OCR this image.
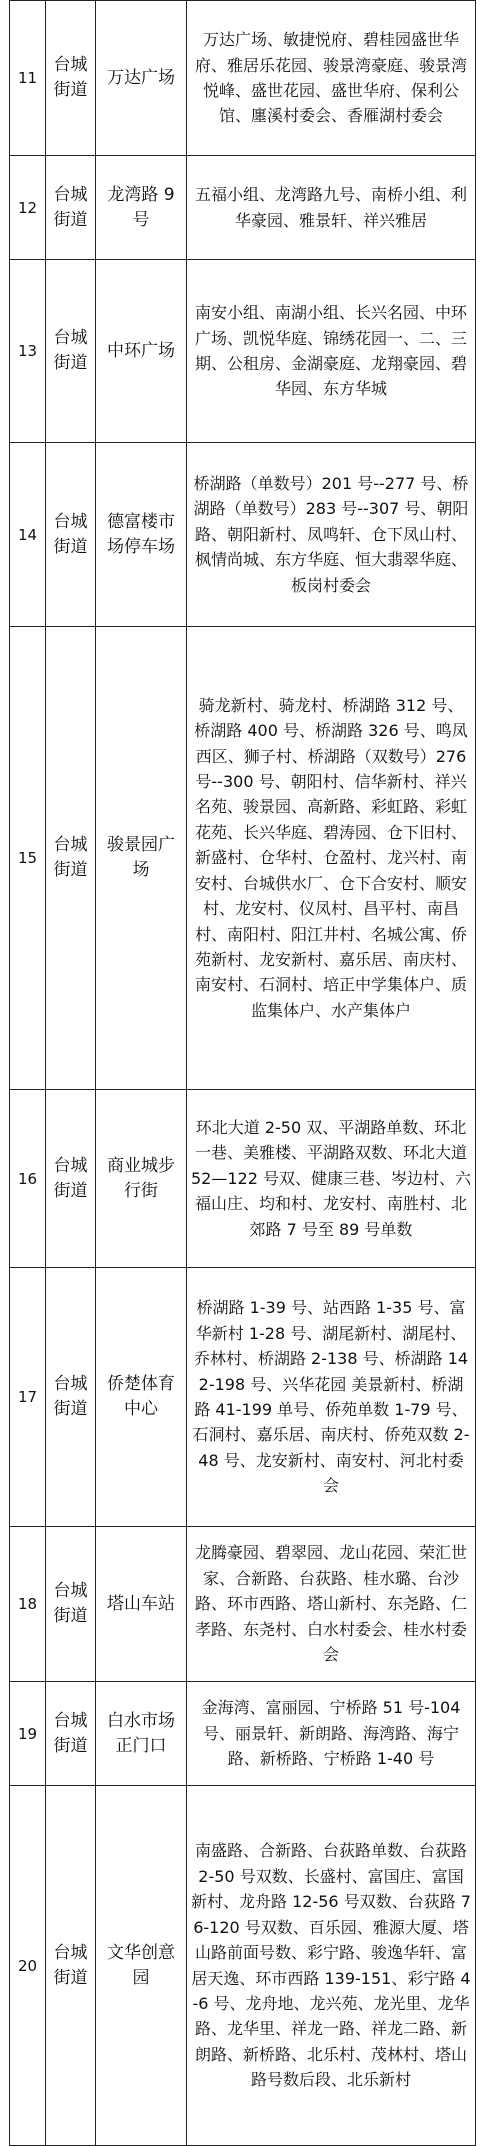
11	台城街道	万达广场	万达广场、敏捷悦府、碧桂园盛世华府、雅居乐花园、骏景湾豪庭、骏景湾悦峰、盛世花园、盛世华府、保利公馆、廛溪村委会、香雁湖村委会
12	台城街道	龙湾路 9 号	五福小组、龙湾路九号、南桥小组、利华豪园、雅景轩、祥兴雅居
13	台城街道	中环广场	南安小组、南湖小组、长兴名园、中环广场、凯悦华庭、锦绣花园一、二、三期、公租房、金湖豪庭、龙翔豪园、碧华园、东方华城
14	台城街道	德富楼市场停车场	桥湖路（单数号）201 号--277 号、桥湖路（单数号）283 号--307 号、朝阳路、朝阳新村、凤鸣轩、仓下凤山村、枫情尚城、东方华庭、恒大翡翠华庭、板岗村委会
15	台城街道	骏景园广场	骑龙新村、骑龙村、桥湖路 312 号、桥湖路 400 号、桥湖路 326 号、鸣凤西区、狮子村、桥湖路（双数号）276 号--300 号、朝阳村、信华新村、祥兴名苑、骏景园、高新路、彩虹路、彩虹花苑、长兴华庭、碧涛园、仓下旧村、新盛村、仓华村、仓盈村、龙兴村、南安村、台城供水厂、仓下合安村、顺安村、龙安村、仪凤村、昌平村、南昌村、南阳村、阳江井村、名城公寓、侨苑新村、龙安新村、嘉乐居、南庆村、南安村、石洞村、培正中学集体户、质监集体户、水产集体户
16	台城街道	商业城步行街	环北大道 2-50 双、平湖路单数、环北一巷、美雅楼、平湖路双数、环北大道 52—122 号双、健康三巷、岑边村、六福山庄、均和村、龙安村、南胜村、北郊路 7 号至 89 号单数
17	台城街道	侨楚体育中心	桥湖路 1-39 号、站西路 1-35 号、富华新村 1-28 号、湖尾新村、湖尾村、乔林村、桥湖路 2-138 号、桥湖路 142-198 号、兴华花园 美景新村、桥湖路 41-199 单号、侨苑单数 1-79 号、石洞村、嘉乐居、南庆村、侨苑双数 2-48 号、龙安新村、南安村、河北村委会
18	台城街道	塔山车站	龙腾豪园、碧翠园、龙山花园、荣汇世家、合新路、台荻路、桂水璐、台沙路、环市西路、塔山新村、东尧路、仁孝路、东尧村、白水村委会、桂水村委会
19	台城街道	白水市场正门口	金海湾、富丽园、宁桥路 51 号-104 号、丽景轩、新朗路、海湾路、海宁路、新桥路、宁桥路 1-40 号
20	台城街道	文华创意园	南盛路、合新路、台荻路单数、台荻路 2-50 号双数、长盛村、富国庄、富国新村、龙舟路 12-56 号双数、台荻路 76-120 号双数、百乐园、雅源大厦、塔山路前面号数、彩宁路、骏逸华轩、富居天逸、环市西路 139-151、彩宁路 4-6 号、龙舟地、龙兴苑、龙光里、龙华路、龙华里、祥龙一路、祥龙二路、新朗路、新桥路、北乐村、茂林村、塔山路号数后段、北乐新村
